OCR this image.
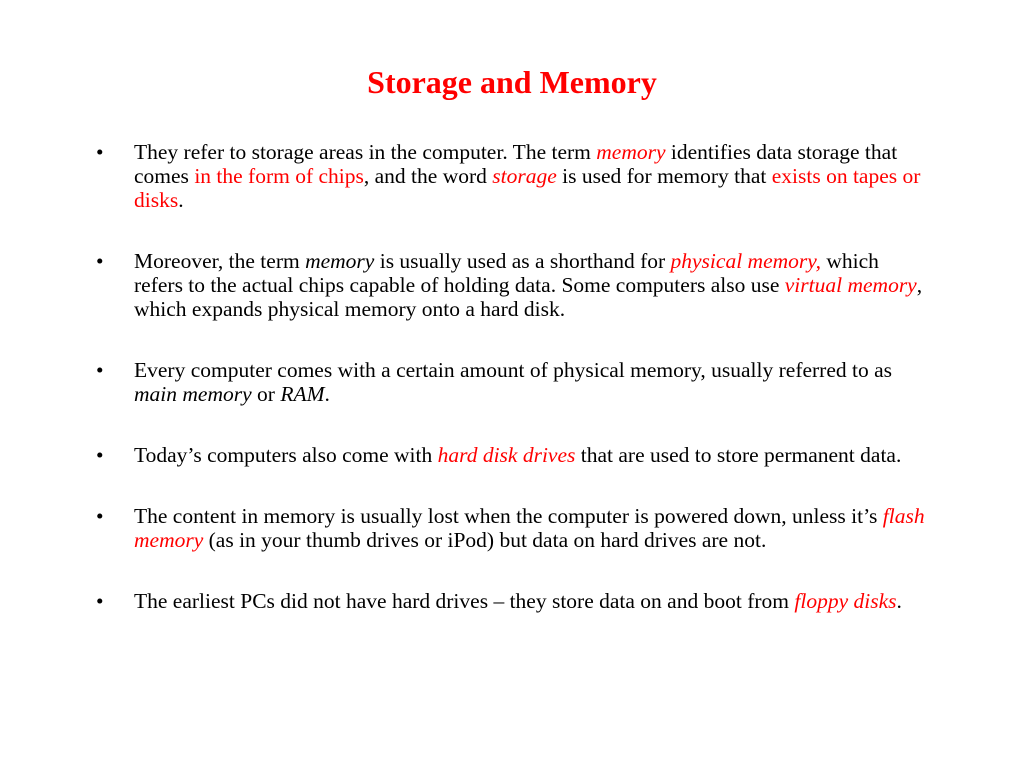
Storage and Memory
• They refer to storage areas in the computer. The term memory identifies data storage that comes in the form of chips, and the word storage is used for memory that exists on tapes or disks.
• Moreover, the term memory is usually used as a shorthand for physical memory, which refers to the actual chips capable of holding data. Some computers also use virtual memory, which expands physical memory onto a hard disk.
• Every computer comes with a certain amount of physical memory, usually referred to as main memory or RAM.
• Today’s computers also come with hard disk drives that are used to store permanent data.
• The content in memory is usually lost when the computer is powered down, unless it’s flash memory (as in your thumb drives or iPod) but data on hard drives are not.
• The earliest PCs did not have hard drives – they store data on and boot from floppy disks.
